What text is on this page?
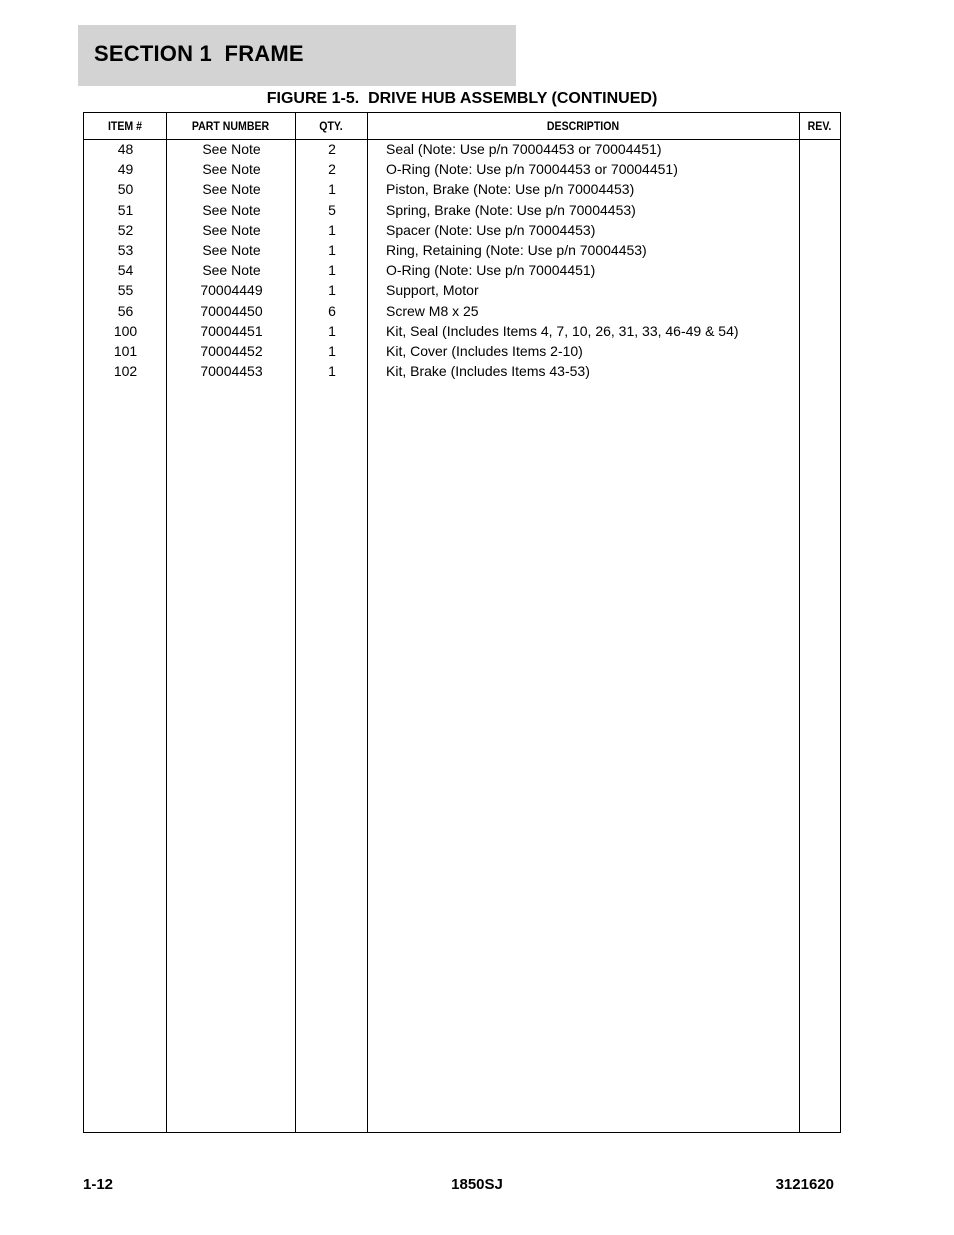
SECTION 1  FRAME
FIGURE 1-5.  DRIVE HUB ASSEMBLY (CONTINUED)
ITEM #	PART NUMBER	QTY.	DESCRIPTION	REV.
48	See Note	2	Seal (Note: Use p/n 70004453 or 70004451)
49	See Note	2	O-Ring (Note: Use p/n 70004453 or 70004451)
50	See Note	1	Piston, Brake (Note: Use p/n 70004453)
51	See Note	5	Spring, Brake (Note: Use p/n 70004453)
52	See Note	1	Spacer (Note: Use p/n 70004453)
53	See Note	1	Ring, Retaining (Note: Use p/n 70004453)
54	See Note	1	O-Ring (Note: Use p/n 70004451)
55	70004449	1	Support, Motor
56	70004450	6	Screw M8 x 25
100	70004451	1	Kit, Seal (Includes Items 4, 7, 10, 26, 31, 33, 46-49 & 54)
101	70004452	1	Kit, Cover (Includes Items 2-10)
102	70004453	1	Kit, Brake (Includes Items 43-53)
1-12	1850SJ	3121620
